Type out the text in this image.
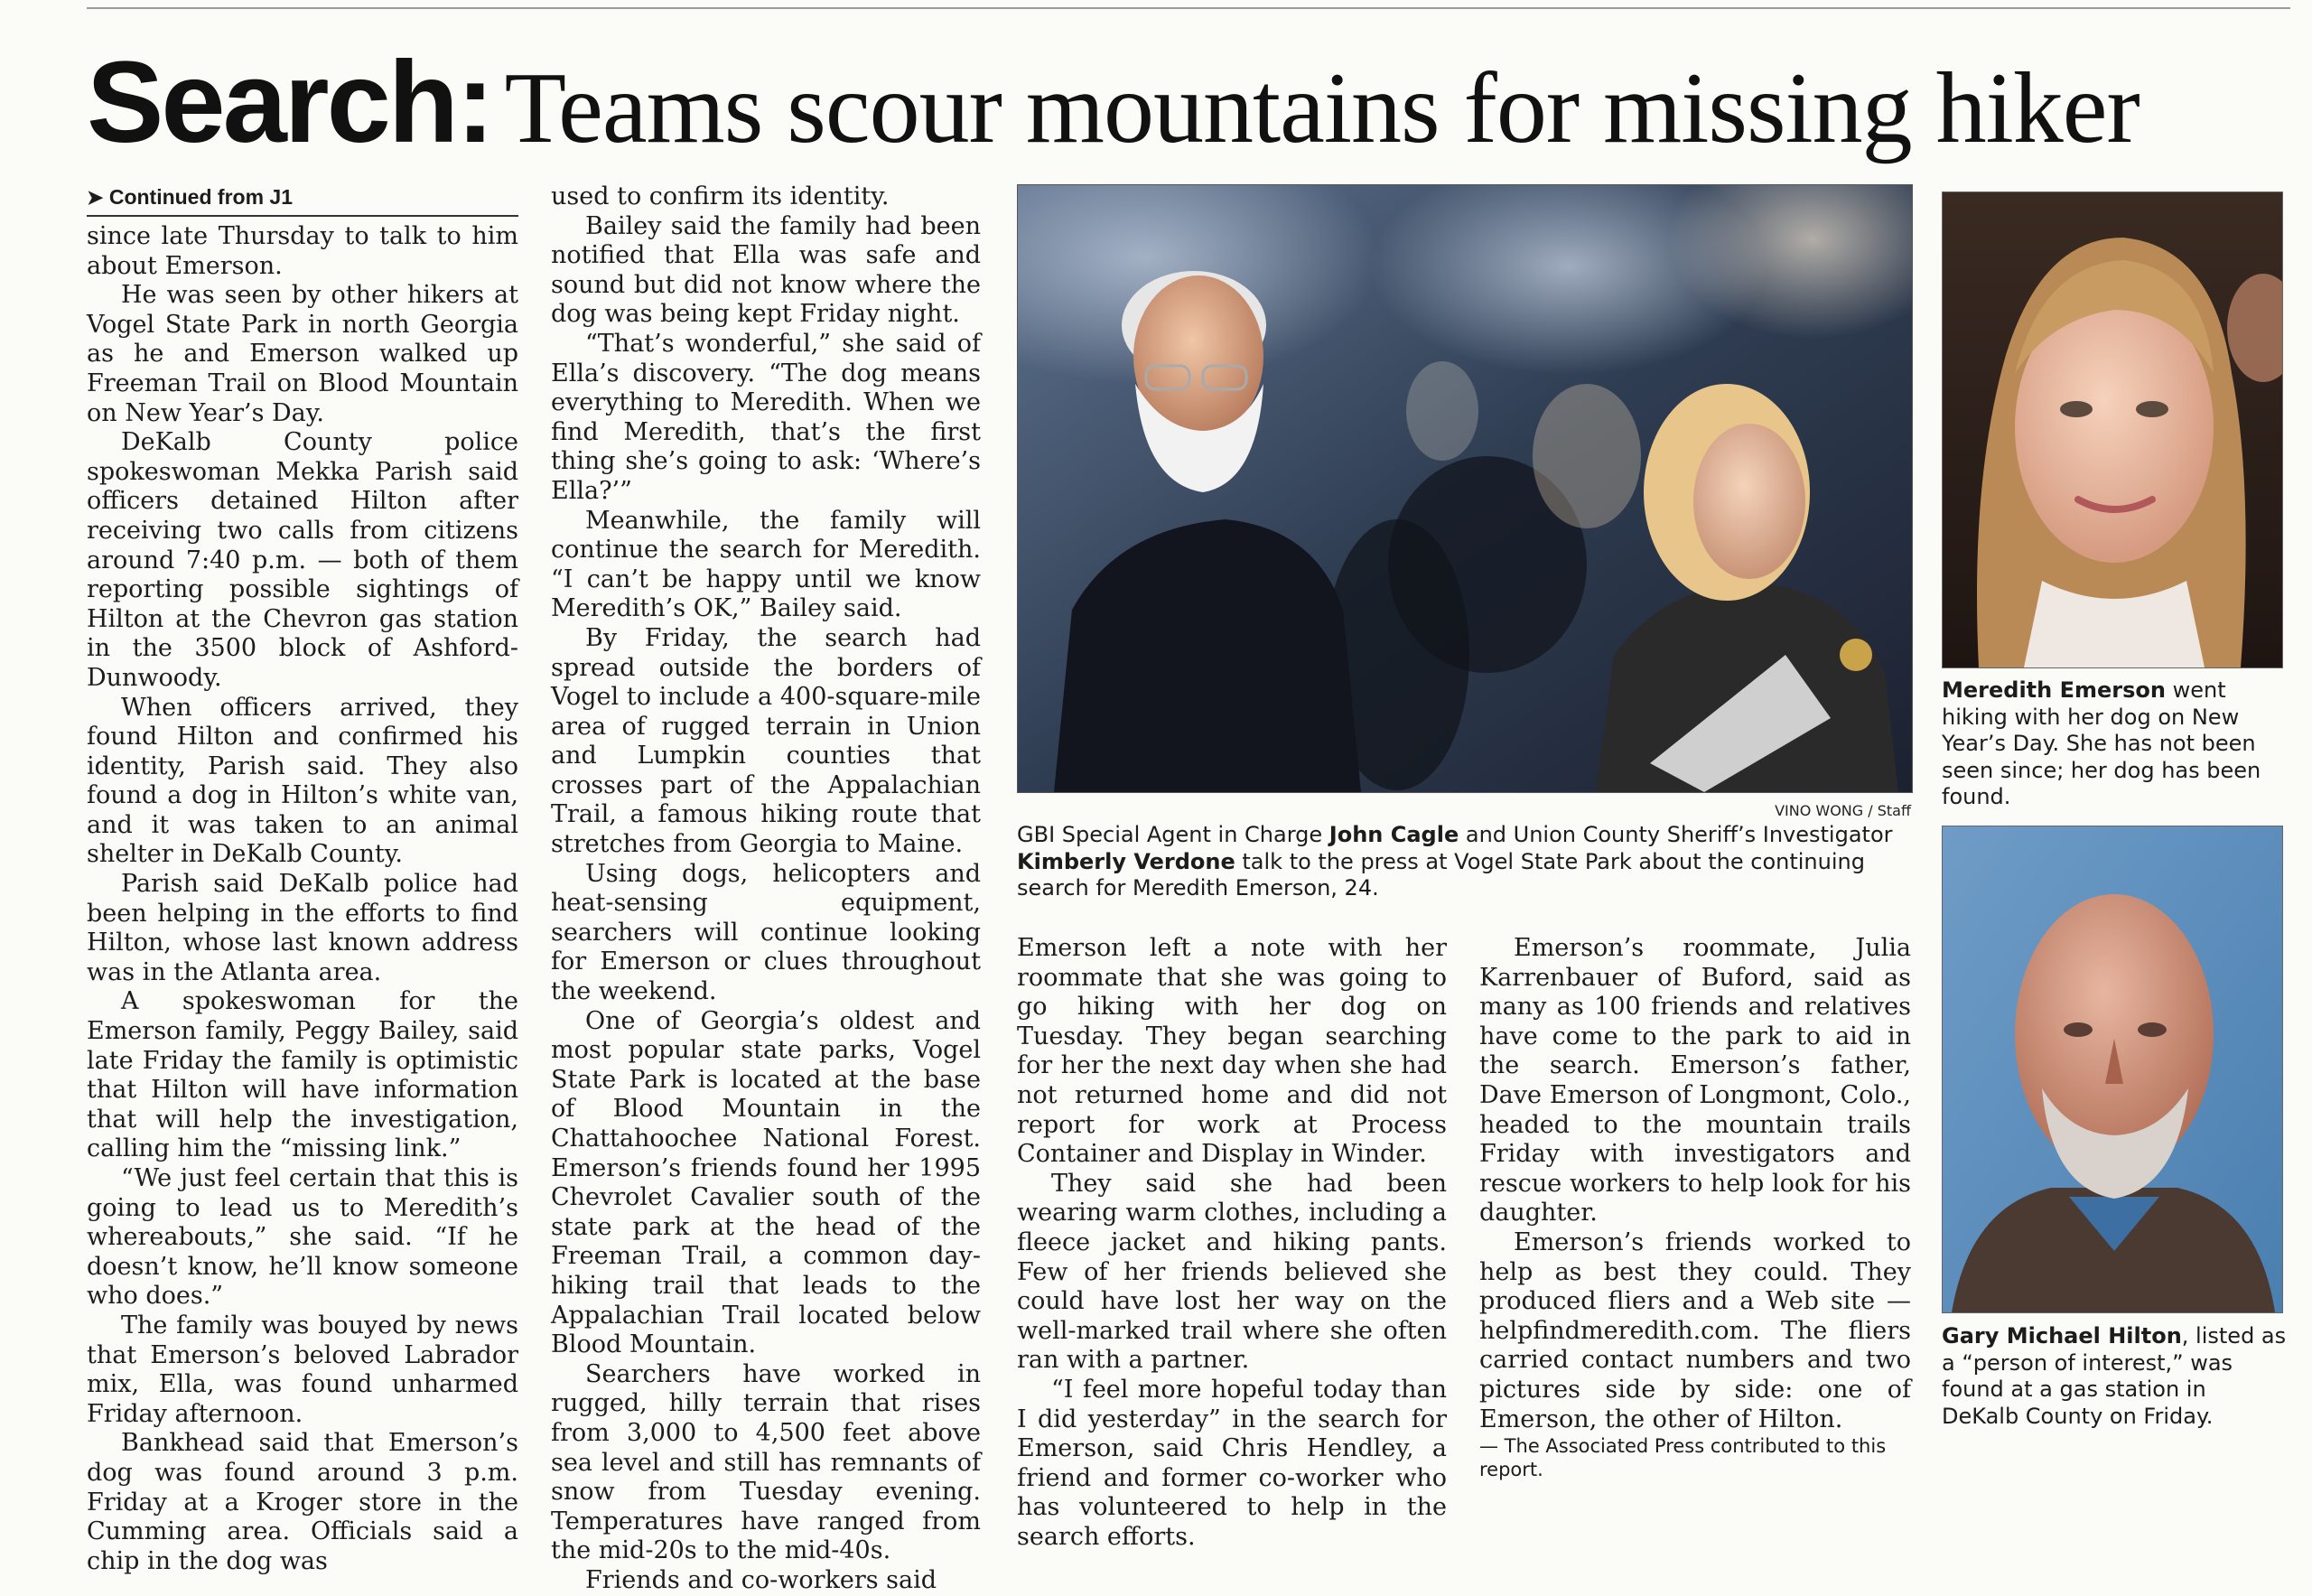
Search: Teams scour mountains for missing hiker
➤ Continued from J1

since late Thursday to talk to him about Emerson.

He was seen by other hikers at Vogel State Park in north Georgia as he and Emerson walked up Freeman Trail on Blood Mountain on New Year’s Day.

DeKalb County police spokeswoman Mekka Parish said officers detained Hilton after receiving two calls from citizens around 7:40 p.m. — both of them reporting possible sightings of Hilton at the Chevron gas station in the 3500 block of Ashford-Dunwoody.

When officers arrived, they found Hilton and confirmed his identity, Parish said. They also found a dog in Hilton’s white van, and it was taken to an animal shelter in DeKalb County.

Parish said DeKalb police had been helping in the efforts to find Hilton, whose last known address was in the Atlanta area.

A spokeswoman for the Emerson family, Peggy Bailey, said late Friday the family is optimistic that Hilton will have information that will help the investigation, calling him the “missing link.”

“We just feel certain that this is going to lead us to Meredith’s whereabouts,” she said. “If he doesn’t know, he’ll know someone who does.”

The family was bouyed by news that Emerson’s beloved Labrador mix, Ella, was found unharmed Friday afternoon.

Bankhead said that Emerson’s dog was found around 3 p.m. Friday at a Kroger store in the Cumming area. Officials said a chip in the dog was

used to confirm its identity.

Bailey said the family had been notified that Ella was safe and sound but did not know where the dog was being kept Friday night.

“That’s wonderful,” she said of Ella’s discovery. “The dog means everything to Meredith. When we find Meredith, that’s the first thing she’s going to ask: ‘Where’s Ella?’”

Meanwhile, the family will continue the search for Meredith. “I can’t be happy until we know Meredith’s OK,” Bailey said.

By Friday, the search had spread outside the borders of Vogel to include a 400-square-mile area of rugged terrain in Union and Lumpkin counties that crosses part of the Appalachian Trail, a famous hiking route that stretches from Georgia to Maine.

Using dogs, helicopters and heat-sensing equipment, searchers will continue looking for Emerson or clues throughout the weekend.

One of Georgia’s oldest and most popular state parks, Vogel State Park is located at the base of Blood Mountain in the Chattahoochee National Forest. Emerson’s friends found her 1995 Chevrolet Cavalier south of the state park at the head of the Freeman Trail, a common day-hiking trail that leads to the Appalachian Trail located below Blood Mountain.

Searchers have worked in rugged, hilly terrain that rises from 3,000 to 4,500 feet above sea level and still has remnants of snow from Tuesday evening. Temperatures have ranged from the mid-20s to the mid-40s.

Friends and co-workers said

VINO WONG / Staff
GBI Special Agent in Charge John Cagle and Union County Sheriff’s Investigator Kimberly Verdone talk to the press at Vogel State Park about the continuing search for Meredith Emerson, 24.

Emerson left a note with her roommate that she was going to go hiking with her dog on Tuesday. They began searching for her the next day when she had not returned home and did not report for work at Process Container and Display in Winder.

They said she had been wearing warm clothes, including a fleece jacket and hiking pants. Few of her friends believed she could have lost her way on the well-marked trail where she often ran with a partner.

“I feel more hopeful today than I did yesterday” in the search for Emerson, said Chris Hendley, a friend and former co-worker who has volunteered to help in the search efforts.

Emerson’s roommate, Julia Karrenbauer of Buford, said as many as 100 friends and relatives have come to the park to aid in the search. Emerson’s father, Dave Emerson of Longmont, Colo., headed to the mountain trails Friday with investigators and rescue workers to help look for his daughter.

Emerson’s friends worked to help as best they could. They produced fliers and a Web site — helpfindmeredith.com. The fliers carried contact numbers and two pictures side by side: one of Emerson, the other of Hilton.

— The Associated Press contributed to this report.

Meredith Emerson went hiking with her dog on New Year’s Day. She has not been seen since; her dog has been found.
Gary Michael Hilton, listed as a “person of interest,” was found at a gas station in DeKalb County on Friday.
